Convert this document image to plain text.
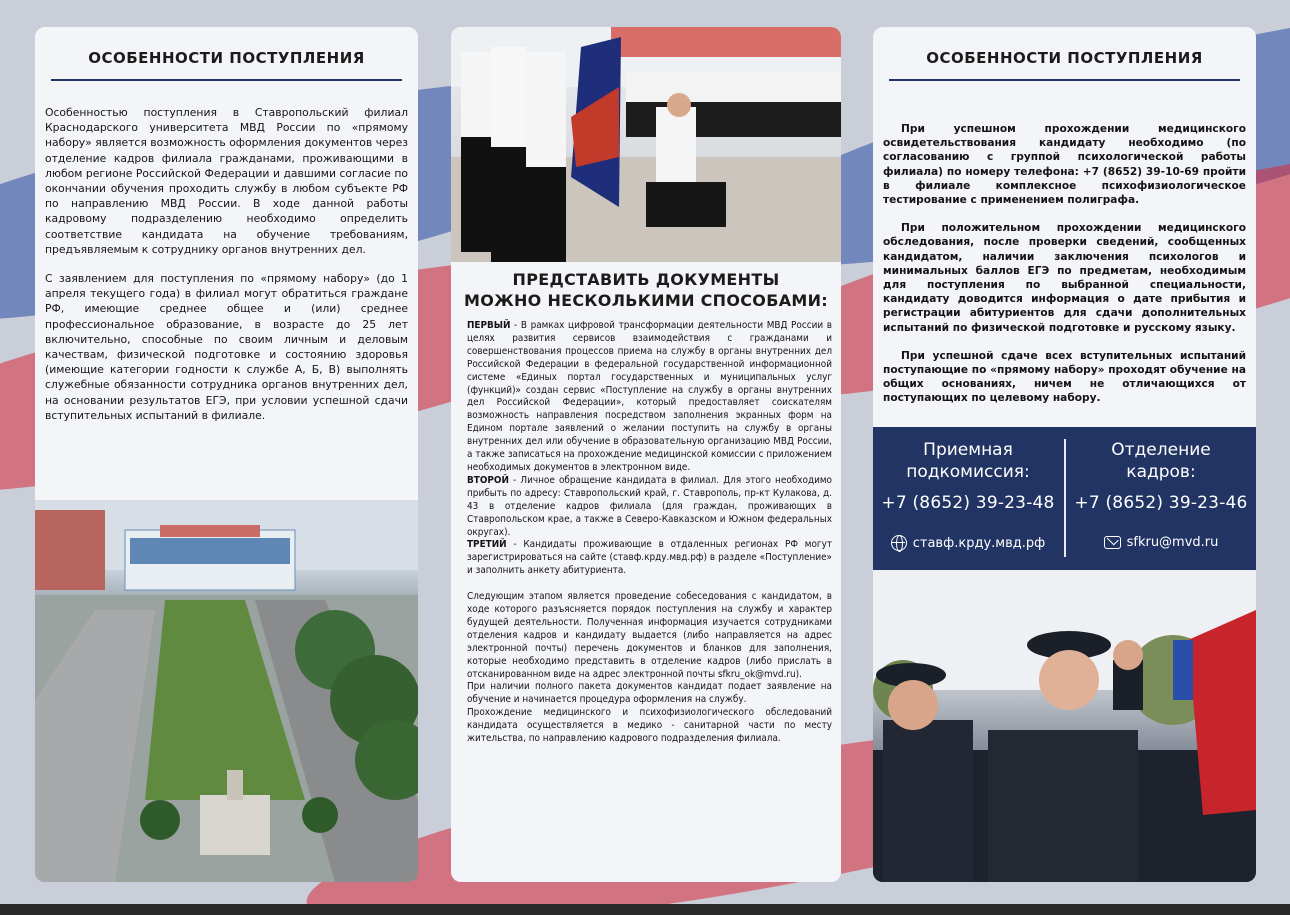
ОСОБЕННОСТИ ПОСТУПЛЕНИЯ

Особенностью поступления в Ставропольский филиал Краснодарского университета МВД России по «прямому набору» является возможность оформления документов через отделение кадров филиала гражданами, проживающими в любом регионе Российской Федерации и давшими согласие по окончании обучения проходить службу в любом субъекте РФ по направлению МВД России. В ходе данной работы кадровому подразделению необходимо определить соответствие кандидата на обучение требованиям, предъявляемым к сотруднику органов внутренних дел.

С заявлением для поступления по «прямому набору» (до 1 апреля текущего года) в филиал могут обратиться граждане РФ, имеющие среднее общее и (или) среднее профессиональное образование, в возрасте до 25 лет включительно, способные по своим личным и деловым качествам, физической подготовке и состоянию здоровья (имеющие категории годности к службе А, Б, В) выполнять служебные обязанности сотрудника органов внутренних дел, на основании результатов ЕГЭ, при условии успешной сдачи вступительных испытаний в филиале.

ПРЕДСТАВИТЬ ДОКУМЕНТЫ
МОЖНО НЕСКОЛЬКИМИ СПОСОБАМИ:

ПЕРВЫЙ - В рамках цифровой трансформации деятельности МВД России в целях развития сервисов взаимодействия с гражданами и совершенствования процессов приема на службу в органы внутренних дел Российской Федерации в федеральной государственной информационной системе «Единых портал государственных и муниципальных услуг (функций)» создан сервис «Поступление на службу в органы внутренних дел Российской Федерации», который предоставляет соискателям возможность направления посредством заполнения экранных форм на Едином портале заявлений о желании поступить на службу в органы внутренних дел или обучение в образовательную организацию МВД России, а также записаться на прохождение медицинской комиссии с приложением необходимых документов в электронном виде.

ВТОРОЙ - Личное обращение кандидата в филиал. Для этого необходимо прибыть по адресу: Ставропольский край, г. Ставрополь, пр-кт Кулакова, д. 43 в отделение кадров филиала (для граждан, проживающих в Ставропольском крае, а также в Северо-Кавказском и Южном федеральных округах).

ТРЕТИЙ - Кандидаты проживающие в отдаленных регионах РФ могут зарегистрироваться на сайте (ставф.крду.мвд.рф) в разделе «Поступление» и заполнить анкету абитуриента.

Следующим этапом является проведение собеседования с кандидатом, в ходе которого разъясняется порядок поступления на службу и характер будущей деятельности. Полученная информация изучается сотрудниками отделения кадров и кандидату выдается (либо направляется на адрес электронной почты) перечень документов и бланков для заполнения, которые необходимо представить в отделение кадров (либо прислать в отсканированном виде на адрес электронной почты sfkru_ok@mvd.ru).

При наличии полного пакета документов кандидат подает заявление на обучение и начинается процедура оформления на службу.

Прохождение медицинского и психофизиологического обследований кандидата осуществляется в медико - санитарной части по месту жительства, по направлению кадрового подразделения филиала.

ОСОБЕННОСТИ ПОСТУПЛЕНИЯ

При успешном прохождении медицинского освидетельствования кандидату необходимо (по согласованию с группой психологической работы филиала) по номеру телефона: +7 (8652) 39-10-69 пройти в филиале комплексное психофизиологическое тестирование с применением полиграфа.

При положительном прохождении медицинского обследования, после проверки сведений, сообщенных кандидатом, наличии заключения психологов и минимальных баллов ЕГЭ по предметам, необходимым для поступления по выбранной специальности, кандидату доводится информация о дате прибытия и регистрации абитуриентов для сдачи дополнительных испытаний по физической подготовке и русскому языку.

При успешной сдаче всех вступительных испытаний поступающие по «прямому набору» проходят обучение на общих основаниях, ничем не отличающихся от поступающих по целевому набору.

Приемная
подкомиссия:
+7 (8652) 39-23-48
ставф.крду.мвд.рф
Отделение
кадров:
+7 (8652) 39-23-46
sfkru@mvd.ru
